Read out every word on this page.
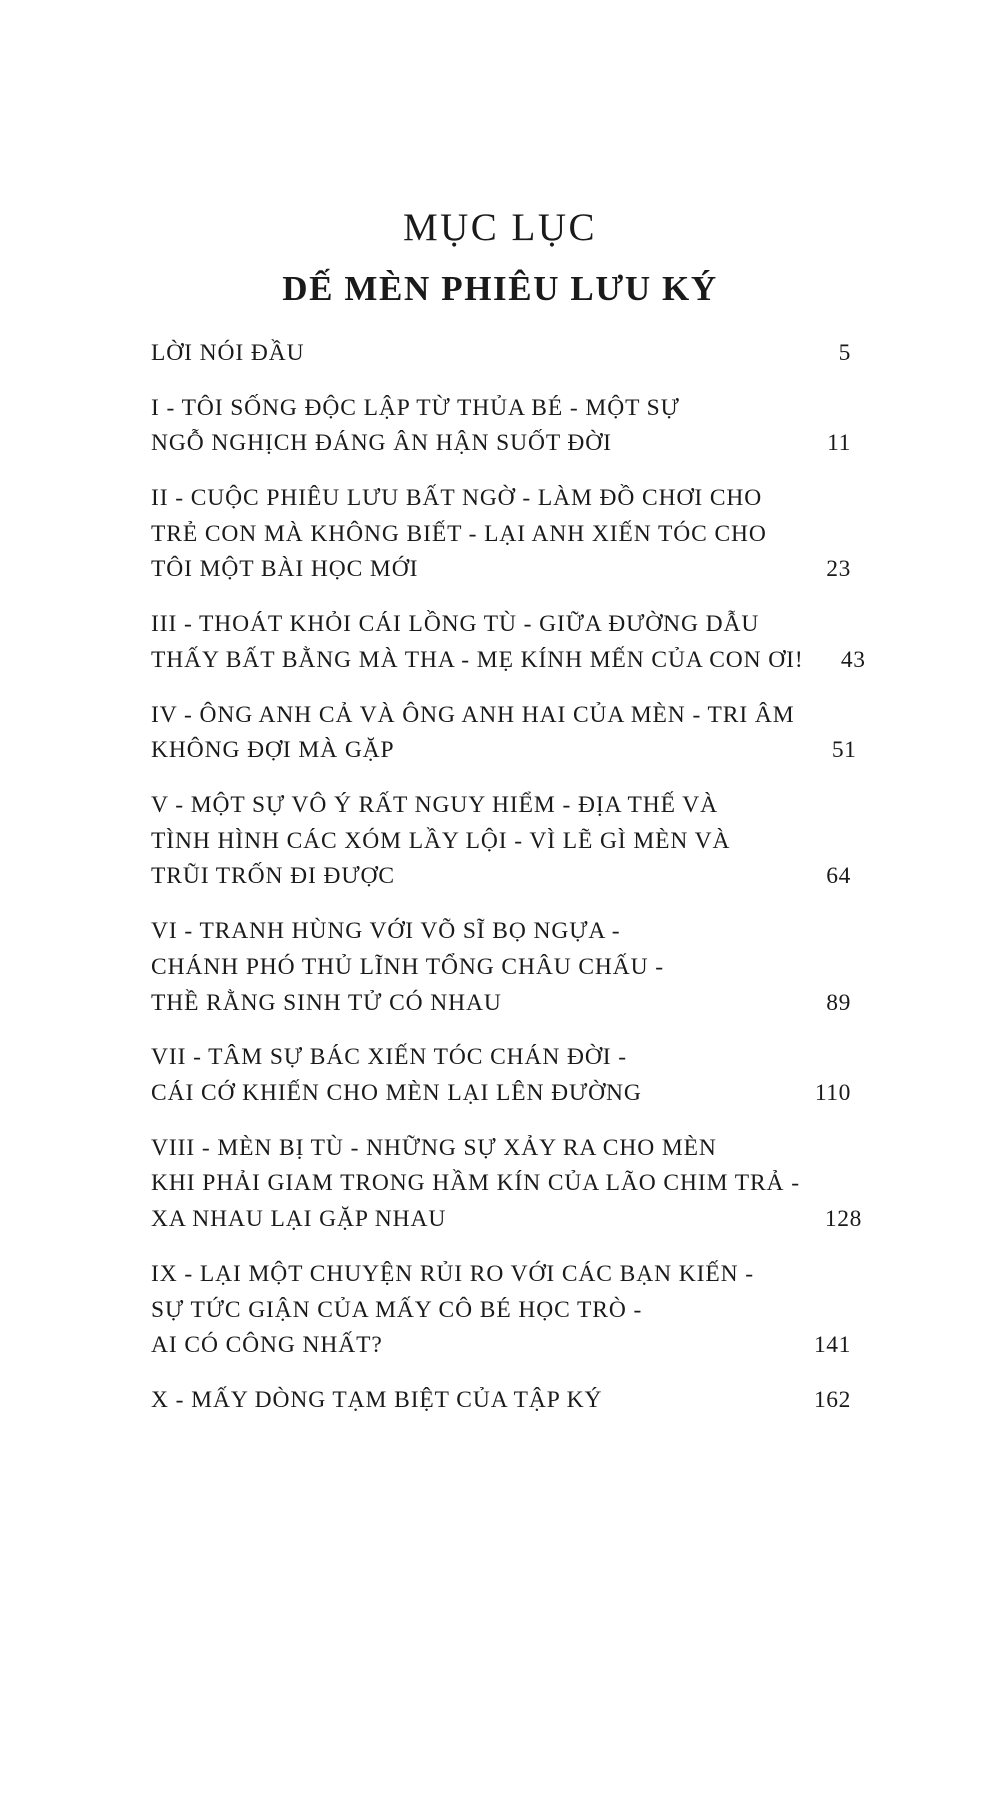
MỤC LỤC
DẾ MÈN PHIÊU LƯU KÝ
LỜI NÓI ĐẦU	5
I - TÔI SỐNG ĐỘC LẬP TỪ THỦA BÉ - MỘT SỰ
NGỖ NGHỊCH ĐÁNG ÂN HẬN SUỐT ĐỜI	11
II - CUỘC PHIÊU LƯU BẤT NGỜ - LÀM ĐỒ CHƠI CHO
TRẺ CON MÀ KHÔNG BIẾT - LẠI ANH XIẾN TÓC CHO
TÔI MỘT BÀI HỌC MỚI	23
III - THOÁT KHỎI CÁI LỒNG TÙ - GIỮA ĐƯỜNG DẪU
THẤY BẤT BẰNG MÀ THA - MẸ KÍNH MẾN CỦA CON ƠI!	43
IV - ÔNG ANH CẢ VÀ ÔNG ANH HAI CỦA MÈN - TRI ÂM
KHÔNG ĐỢI MÀ GẶP	51
V - MỘT SỰ VÔ Ý RẤT NGUY HIỂM - ĐỊA THẾ VÀ
TÌNH HÌNH CÁC XÓM LẦY LỘI - VÌ LẼ GÌ MÈN VÀ
TRŨI TRỐN ĐI ĐƯỢC	64
VI - TRANH HÙNG VỚI VÕ SĨ BỌ NGỰA -
CHÁNH PHÓ THỦ LĨNH TỔNG CHÂU CHẤU -
THỀ RẰNG SINH TỬ CÓ NHAU	89
VII - TÂM SỰ BÁC XIẾN TÓC CHÁN ĐỜI -
CÁI CỚ KHIẾN CHO MÈN LẠI LÊN ĐƯỜNG	110
VIII - MÈN BỊ TÙ - NHỮNG SỰ XẢY RA CHO MÈN
KHI PHẢI GIAM TRONG HẦM KÍN CỦA LÃO CHIM TRẢ -
XA NHAU LẠI GẶP NHAU	128
IX - LẠI MỘT CHUYỆN RỦI RO VỚI CÁC BẠN KIẾN -
SỰ TỨC GIẬN CỦA MẤY CÔ BÉ HỌC TRÒ -
AI CÓ CÔNG NHẤT?	141
X - MẤY DÒNG TẠM BIỆT CỦA TẬP KÝ	162
